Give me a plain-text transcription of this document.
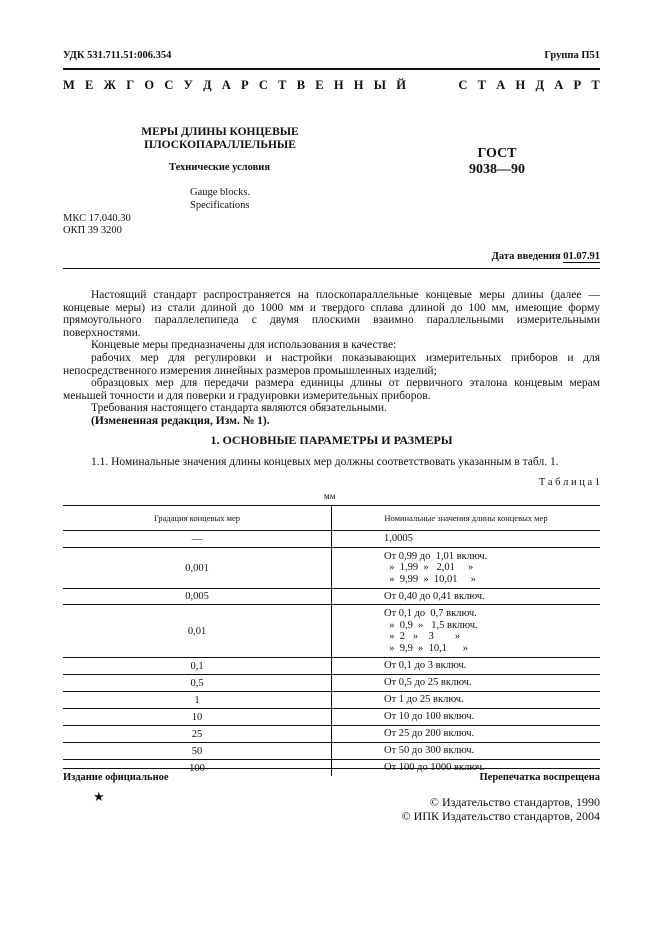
УДК 531.711.51:006.354	Группа П51
М Е Ж Г О С У Д А Р С Т В Е Н Н Ы Й	С Т А Н Д А Р Т
МЕРЫ ДЛИНЫ КОНЦЕВЫЕ
ПЛОСКОПАРАЛЛЕЛЬНЫЕ
Технические условия
Gauge blocks.
Specifications
ГОСТ
9038—90
МКС 17.040.30
ОКП 39 3200
Дата введения 01.07.91

Настоящий стандарт распространяется на плоскопараллельные концевые меры длины (далее — концевые меры) из стали длиной до 1000 мм и твердого сплава длиной до 100 мм, имеющие форму прямоугольного параллелепипеда с двумя плоскими взаимно параллельными измерительными поверхностями.

Концевые меры предназначены для использования в качестве:

рабочих мер для регулировки и настройки показывающих измерительных приборов и для непосредственного измерения линейных размеров промышленных изделий;

образцовых мер для передачи размера единицы длины от первичного эталона концевым мерам меньшей точности и для поверки и градуировки измерительных приборов.

Требования настоящего стандарта являются обязательными.

(Измененная редакция, Изм. № 1).

1. ОСНОВНЫЕ ПАРАМЕТРЫ И РАЗМЕРЫ

1.1. Номинальные значения длины концевых мер должны соответствовать указанным в табл. 1.

Т а б л и ц а 1
мм
Градация концевых мер	Номинальные значения длины концевых мер
—	1,0005

0,001	От 0,99 до  1,01 включ.
»  1,99  »   2,01     »
»  9,99  »  10,01     »

0,005	От 0,40 до 0,41 включ.

0,01	От 0,1 до  0,7 включ.
»  0,9  »   1,5 включ.
»  2   »    3        »
»  9,9  »  10,1      »

0,1	От 0,1 до 3 включ.

0,5	От 0,5 до 25 включ.

1	От 1 до 25 включ.

10	От 10 до 100 включ.

25	От 25 до 200 включ.

50	От 50 до 300 включ.

100	От 100 до 1000 включ.
Издание официальное	Перепечатка воспрещена
★	© Издательство стандартов, 1990
© ИПК Издательство стандартов, 2004
